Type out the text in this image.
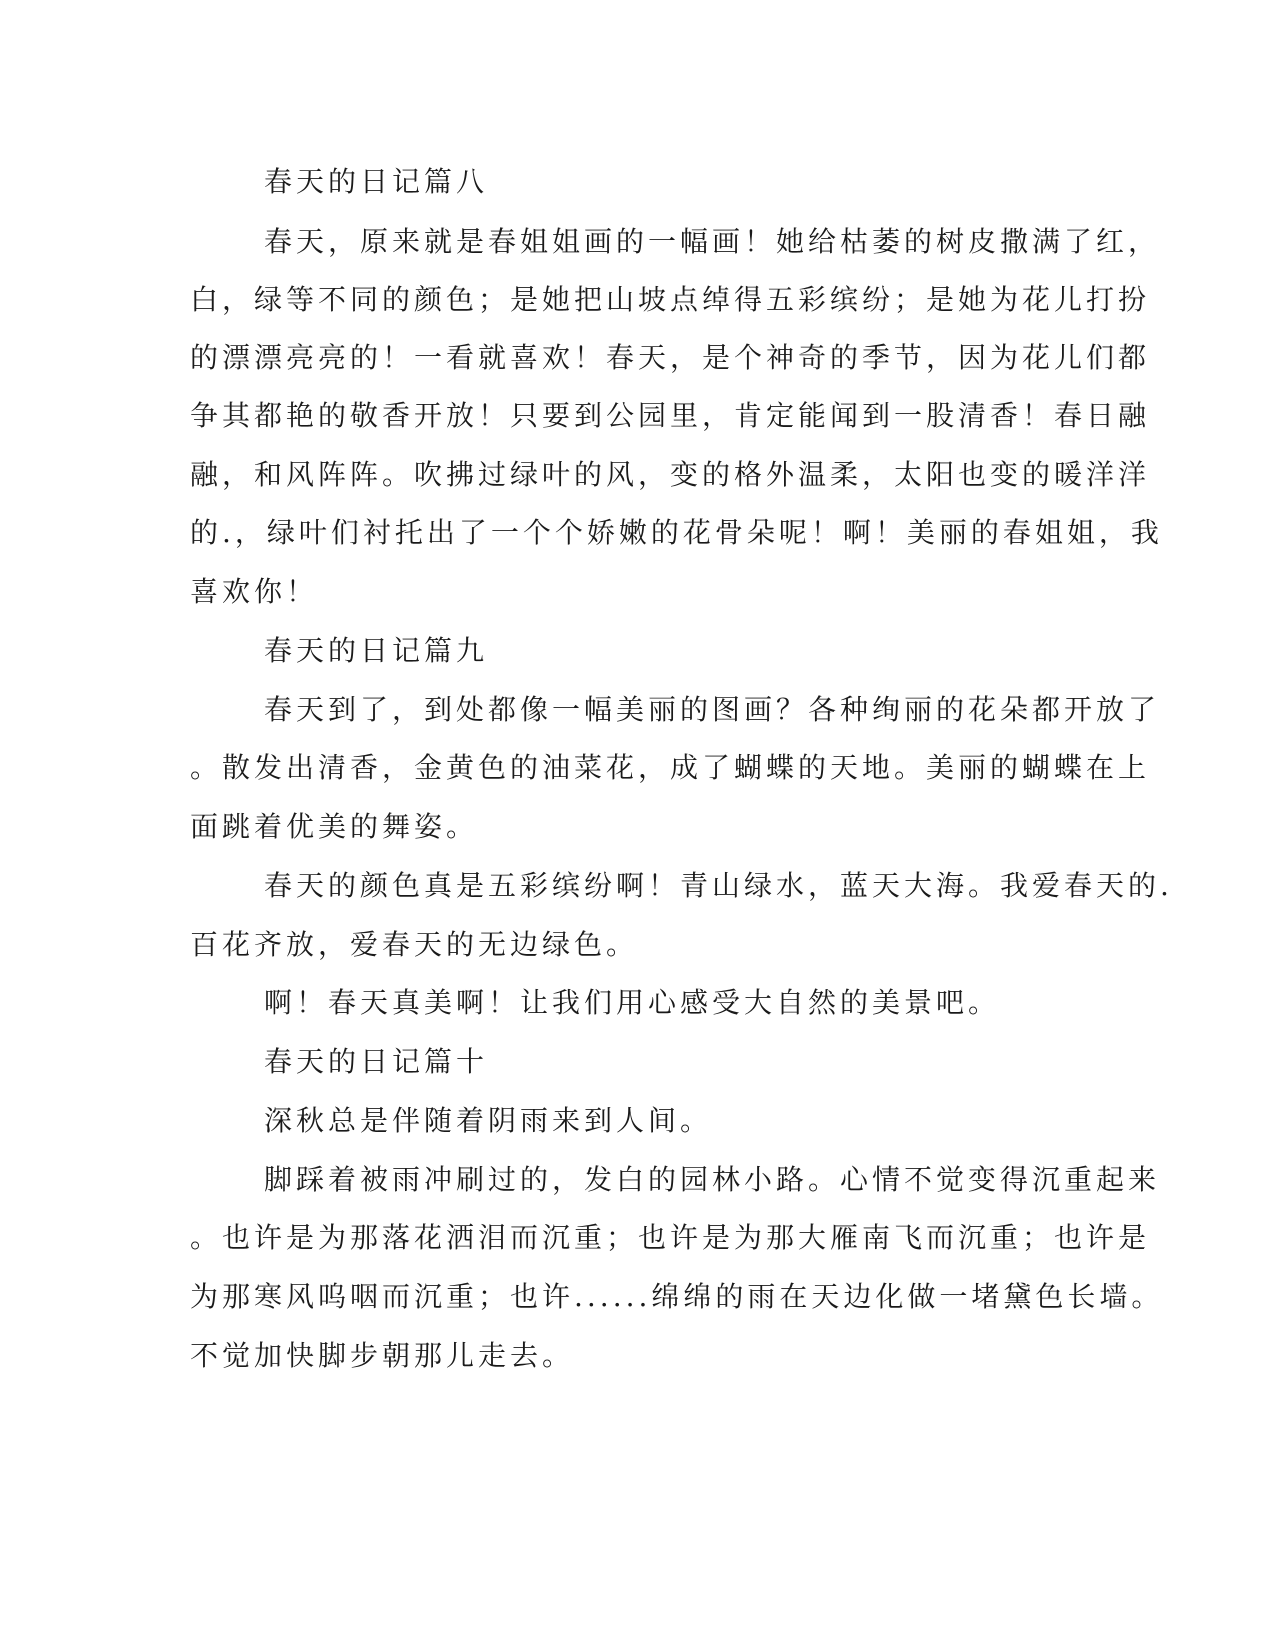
春天的日记篇八
春天，原来就是春姐姐画的一幅画！她给枯萎的树皮撒满了红，
白，绿等不同的颜色；是她把山坡点绰得五彩缤纷；是她为花儿打扮
的漂漂亮亮的！一看就喜欢！春天，是个神奇的季节，因为花儿们都
争其都艳的敬香开放！只要到公园里，肯定能闻到一股清香！春日融
融，和风阵阵。吹拂过绿叶的风，变的格外温柔，太阳也变的暖洋洋
的.，绿叶们衬托出了一个个娇嫩的花骨朵呢！啊！美丽的春姐姐，我
喜欢你！
春天的日记篇九
春天到了，到处都像一幅美丽的图画？各种绚丽的花朵都开放了
。散发出清香，金黄色的油菜花，成了蝴蝶的天地。美丽的蝴蝶在上
面跳着优美的舞姿。
春天的颜色真是五彩缤纷啊！青山绿水，蓝天大海。我爱春天的.
百花齐放，爱春天的无边绿色。
啊！春天真美啊！让我们用心感受大自然的美景吧。
春天的日记篇十
深秋总是伴随着阴雨来到人间。
脚踩着被雨冲刷过的，发白的园林小路。心情不觉变得沉重起来
。也许是为那落花洒泪而沉重；也许是为那大雁南飞而沉重；也许是
为那寒风呜咽而沉重；也许......绵绵的雨在天边化做一堵黛色长墙。
不觉加快脚步朝那儿走去。
